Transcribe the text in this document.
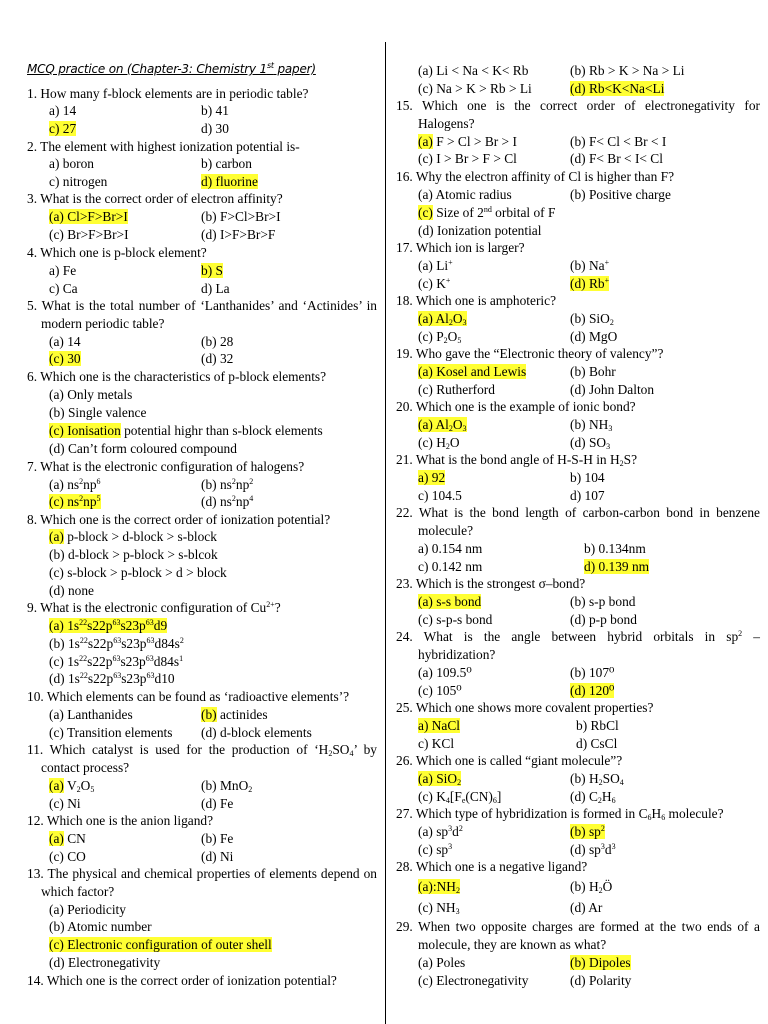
MCQ practice on (Chapter-3: Chemistry 1st paper)
1. How many f-block elements are in periodic table?
a) 14	b) 41
c) 27	d) 30
2. The element with highest ionization potential is-
a) boron	b) carbon
c) nitrogen	d) fluorine
3. What is the correct order of electron affinity?
(a) Cl>F>Br>I	(b) F>Cl>Br>I
(c) Br>F>Br>I	(d) I>F>Br>F
4. Which one is p-block element?
a) Fe	b) S
c) Ca	d) La
5. What is the total number of ‘Lanthanides’ and ‘Actinides’ in modern periodic table?
(a) 14	(b) 28
(c) 30	(d) 32
6. Which one is the characteristics of p-block elements?
(a) Only metals
(b) Single valence
(c) Ionisation potential highr than s-block elements
(d) Can’t form coloured compound
7. What is the electronic configuration of halogens?
(a) $ns^2np^6$	(b) $ns^2np^2$
(c) $ns^2np^5$	(d) $ns^2np^4$
8. Which one is the correct order of ionization potential?
(a) p-block > d-block > s-block
(b) d-block > p-block > s-blcok
(c) s-block > p-block > d > block
(d) none
9. What is the electronic configuration of $Cu^{2+}$?
(a) $1s^{22}s22p^{63}s23p^{63}d9$
(b) $1s^{22}s22p^{63}s23p^{63}d84s^2$
(c) $1s^{22}s22p^{63}s23p^{63}d84s^1$
(d) $1s^{22}s22p^{63}s23p^{63}d10$
10. Which elements can be found as ‘radioactive elements’?
(a) Lanthanides	(b) actinides
(c) Transition elements (d) d-block elements
11. Which catalyst is used for the production of ‘$H_2SO_4$’ by contact process?
(a) $V_2O_5$	(b) MnO$_2$
(c) Ni	(d) Fe
12. Which one is the anion ligand?
(a) CN	(b) Fe
(c) CO	(d) Ni
13. The physical and chemical properties of elements depend on which factor?
(a) Periodicity
(b) Atomic number
(c) Electronic configuration of outer shell
(d) Electronegativity
14. Which one is the correct order of ionization potential?
(a) Li < Na < K< Rb	(b) Rb > K > Na > Li
(c) Na > K > Rb > Li	(d) Rb<K<Na<Li
15. Which one is the correct order of electronegativity for Halogens?
(a) F > Cl > Br > I	(b) F< Cl < Br < I
(c) I > Br > F > Cl	(d) F< Br < I< Cl
16. Why the electron affinity of Cl is higher than F?
(a) Atomic radius	(b) Positive charge
(c) Size of 2nd orbital of F
(d) Ionization potential
17. Which ion is larger?
(a) Li+	(b) Na+
(c) K+	(d) Rb+
18. Which one is amphoteric?
(a) $Al_2O_3$	(b) SiO$_2$
(c) $P_2O_5$	(d) MgO
19. Who gave the “Electronic theory of valency”?
(a) Kosel and Lewis	(b) Bohr
(c) Rutherford	(d) John Dalton
20. Which one is the example of ionic bond?
(a) $Al_2O_3$	(b) $NH_3$
(c) $H_2O$	(d) $SO_3$
21. What is the bond angle of H-S-H in $H_2S$?
a) 92	b) 104
c) 104.5	d) 107
22. What is the bond length of carbon-carbon bond in benzene molecule?
a) 0.154 nm	b) 0.134nm
c) 0.142 nm	d) 0.139 nm
23. Which is the strongest σ–bond?
(a) s-s bond	(b) s-p bond
(c) s-p-s bond	(d) p-p bond
24. What is the angle between hybrid orbitals in $sp^2$ – hybridization?
(a) 109.5⁰	(b) 107⁰
(c) 105⁰	(d) 120⁰
25. Which one shows more covalent properties?
a) NaCl	b) RbCl
c) KCl	d) CsCl
26. Which one is called “giant molecule”?
(a) SiO$_2$	(b) $H_2SO_4$
(c) $K_4[F_e(CN)_6]$	(d) $C_2H_6$
27. Which type of hybridization is formed in $C_6H_6$ molecule?
(a) $sp^3d^2$	(b) $sp^2$
(c) $sp^3$	(d) $sp^3d^3$
28. Which one is a negative ligand?
$(a):NH_2$	(b) $H_2Ö$
(c) $NH_3$	(d) Ar
29. When two opposite charges are formed at the two ends of a molecule, they are known as what?
(a) Poles	(b) Dipoles
(c) Electronegativity	(d) Polarity
